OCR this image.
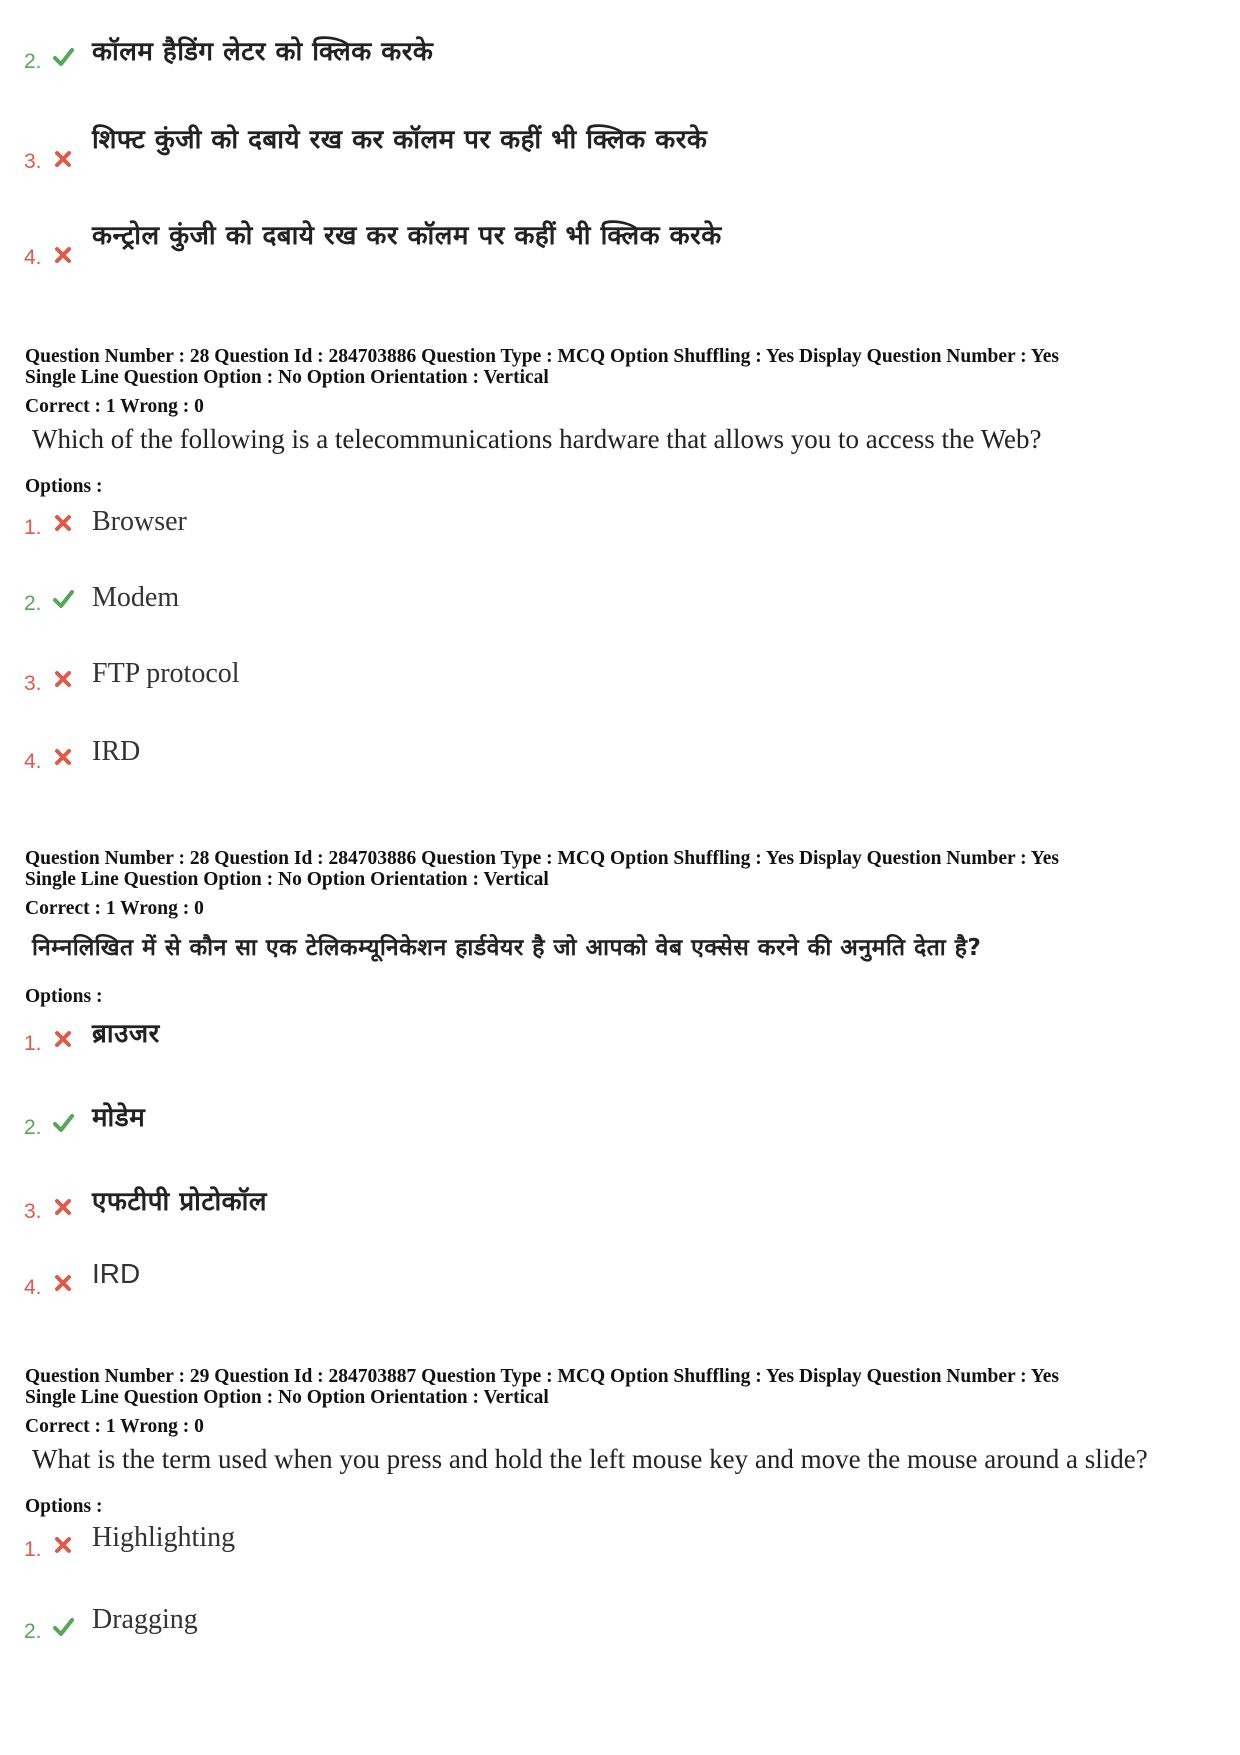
2. कॉलम हैडिंग लेटर को क्लिक करके
3.
शिफ्ट कुंजी को दबाये रख कर कॉलम पर कहीं भी क्लिक करके
4.
कन्ट्रोल कुंजी को दबाये रख कर कॉलम पर कहीं भी क्लिक करके
Question Number : 28 Question Id : 284703886 Question Type : MCQ Option Shuffling : Yes Display Question Number : Yes
Single Line Question Option : No Option Orientation : Vertical
Correct : 1 Wrong : 0
Which of the following is a telecommunications hardware that allows you to access the Web?
Options :
1. Browser
2. Modem
3. FTP protocol
4. IRD
Question Number : 28 Question Id : 284703886 Question Type : MCQ Option Shuffling : Yes Display Question Number : Yes
Single Line Question Option : No Option Orientation : Vertical
Correct : 1 Wrong : 0
निम्नलिखित में से कौन सा एक टेलिकम्यूनिकेशन हार्डवेयर है जो आपको वेब एक्सेस करने की अनुमति देता है?
Options :
1. ब्राउजर
2. मोडेम
3. एफटीपी प्रोटोकॉल
4. IRD
Question Number : 29 Question Id : 284703887 Question Type : MCQ Option Shuffling : Yes Display Question Number : Yes
Single Line Question Option : No Option Orientation : Vertical
Correct : 1 Wrong : 0
What is the term used when you press and hold the left mouse key and move the mouse around a slide?
Options :
1. Highlighting
2. Dragging
